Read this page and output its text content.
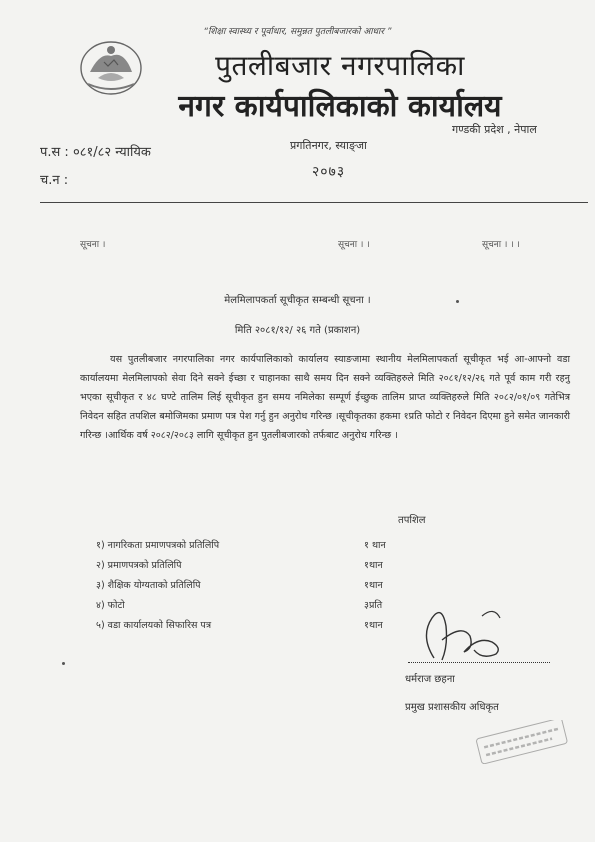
“शिक्षा स्वास्थ्य र पूर्वाधार, समुन्नत पुतलीबजारको आधार ”
पुतलीबजार नगरपालिका
नगर कार्यपालिकाको कार्यालय
गण्डकी प्रदेश , नेपाल
प्रगतिनगर, स्याङ्जा
२०७३
प.स : ०८१/८२ न्यायिक
च.न :
सूचना ।	सूचना । ।	सूचना । । ।
मेलमिलापकर्ता सूचीकृत सम्बन्धी सूचना ।
मिति २०८१/१२/ २६ गते (प्रकाशन)
यस पुतलीबजार नगरपालिका नगर कार्यपालिकाको कार्यालय स्याङजामा स्थानीय मेलमिलापकर्ता सूचीकृत भई आ-आफ्नो वडा कार्यालयमा मेलमिलापको सेवा दिने सक्ने ईच्छा र चाहानका साथै समय दिन सक्ने व्यक्तिहरुले मिति २०८१/१२/२६ गते पूर्व काम गरी रहनु भएका सूचीकृत र ४८ घण्टे तालिम लिई सूचीकृत हुन समय नमिलेका सम्पूर्ण ईच्छुक तालिम प्राप्त व्यक्तिहरुले मिति २०८२/०१/०९ गतेभित्र निवेदन सहित तपशिल बमोजिमका प्रमाण पत्र पेश गर्नु हुन अनुरोध गरिन्छ ।सूचीकृतका हकमा १प्रति फोटो र निवेदन दिएमा हुने समेत जानकारी गरिन्छ ।आर्थिक वर्ष २०८२/२०८३ लागि सूचीकृत हुन पुतलीबजारको तर्फबाट अनुरोध गरिन्छ ।
तपशिल
१) नागरिकता प्रमाणपत्रको प्रतिलिपि	१ थान
२) प्रमाणपत्रको प्रतिलिपि	१थान
३) शैक्षिक योग्यताको प्रतिलिपि	१थान
४) फोटो	३प्रति
५) वडा कार्यालयको सिफारिस पत्र	१थान
धर्मराज छहना
प्रमुख प्रशासकीय अधिकृत
